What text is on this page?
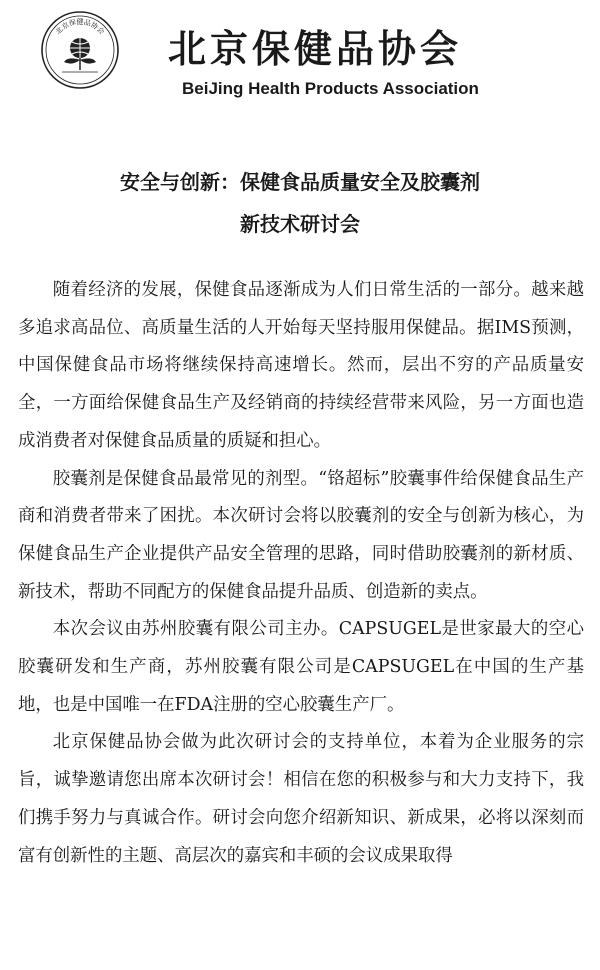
北京保健品协会 北京保健品协会
BeiJing Health Products Association
安全与创新：保健食品质量安全及胶囊剂
新技术研讨会

随着经济的发展，保健食品逐渐成为人们日常生活的一部分。越来越多追求高品位、高质量生活的人开始每天坚持服用保健品。据IMS预测，中国保健食品市场将继续保持高速增长。然而，层出不穷的产品质量安全，一方面给保健食品生产及经销商的持续经营带来风险，另一方面也造成消费者对保健食品质量的质疑和担心。

胶囊剂是保健食品最常见的剂型。“铬超标”胶囊事件给保健食品生产商和消费者带来了困扰。本次研讨会将以胶囊剂的安全与创新为核心，为保健食品生产企业提供产品安全管理的思路，同时借助胶囊剂的新材质、新技术，帮助不同配方的保健食品提升品质、创造新的卖点。

本次会议由苏州胶囊有限公司主办。CAPSUGEL是世家最大的空心胶囊研发和生产商，苏州胶囊有限公司是CAPSUGEL在中国的生产基地，也是中国唯一在FDA注册的空心胶囊生产厂。

北京保健品协会做为此次研讨会的支持单位，本着为企业服务的宗旨，诚挚邀请您出席本次研讨会！相信在您的积极参与和大力支持下，我们携手努力与真诚合作。研讨会向您介绍新知识、新成果，必将以深刻而富有创新性的主题、高层次的嘉宾和丰硕的会议成果取得
